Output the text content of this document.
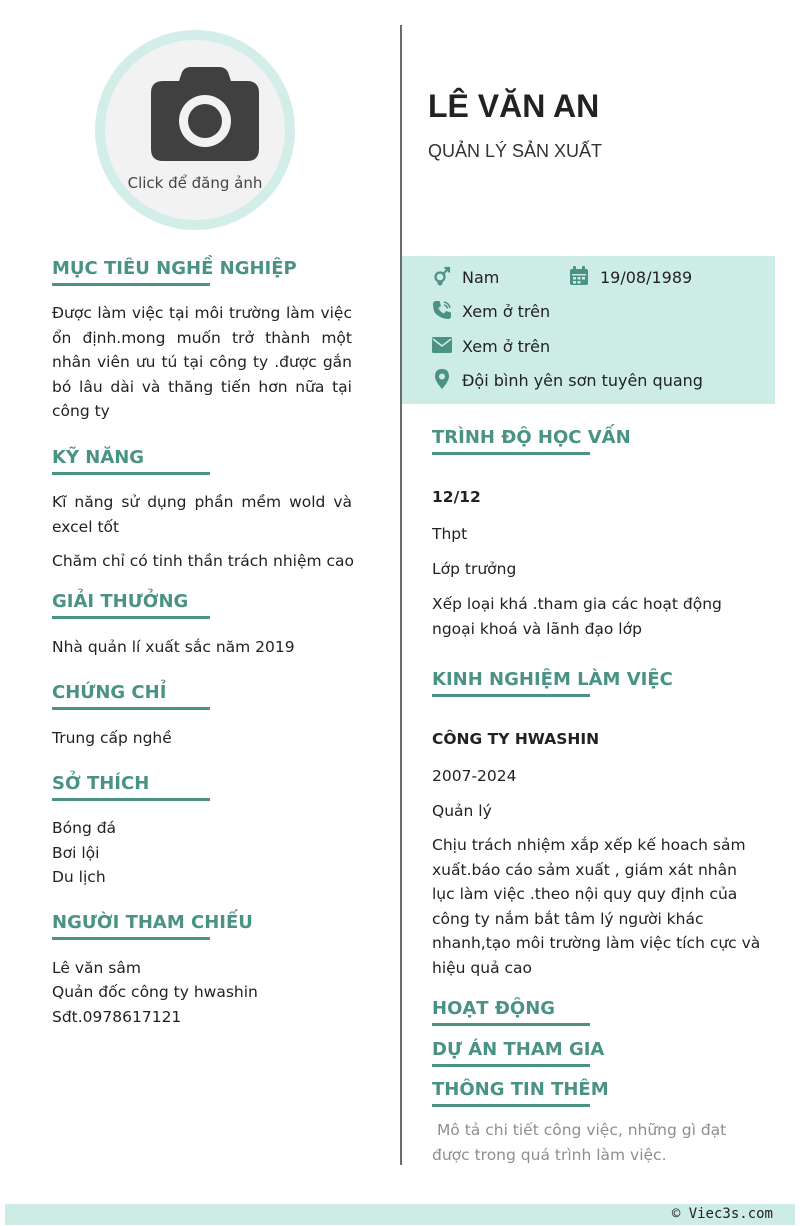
Click để đăng ảnh
LÊ VĂN AN
QUẢN LÝ SẢN XUẤT
Nam	19/08/1989
Xem ở trên
Xem ở trên
Đội bình yên sơn tuyên quang
MỤC TIÊU NGHỀ NGHIỆP
Được làm việc tại môi trường làm việc ổn định.mong muốn trở thành một nhân viên ưu tú tại công ty .được gắn bó lâu dài và thăng tiến hơn nữa tại công ty
KỸ NĂNG
Kĩ năng sử dụng phần mềm wold và excel tốt
Chăm chỉ có tinh thần trách nhiệm cao
GIẢI THƯỞNG
Nhà quản lí xuất sắc năm 2019
CHỨNG CHỈ
Trung cấp nghề
SỞ THÍCH
Bóng đá
Bơi lội
Du lịch
NGƯỜI THAM CHIẾU
Lê văn sâm
Quản đốc công ty hwashin
Sđt.0978617121
TRÌNH ĐỘ HỌC VẤN
12/12
Thpt
Lớp trưởng
Xếp loại khá .tham gia các hoạt động ngoại khoá và lãnh đạo lớp
KINH NGHIỆM LÀM VIỆC
CÔNG TY HWASHIN
2007-2024
Quản lý
Chịu trách nhiệm xắp xếp kế hoach sảm xuất.báo cáo sảm xuất , giám xát nhân lục làm việc .theo nội quy quy định của công ty nắm bắt tâm lý người khác nhanh,tạo môi trường làm việc tích cực và hiệu quả cao
HOẠT ĐỘNG
DỰ ÁN THAM GIA
THÔNG TIN THÊM
Mô tả chi tiết công việc, những gì đạt được trong quá trình làm việc.
© Viec3s.com
